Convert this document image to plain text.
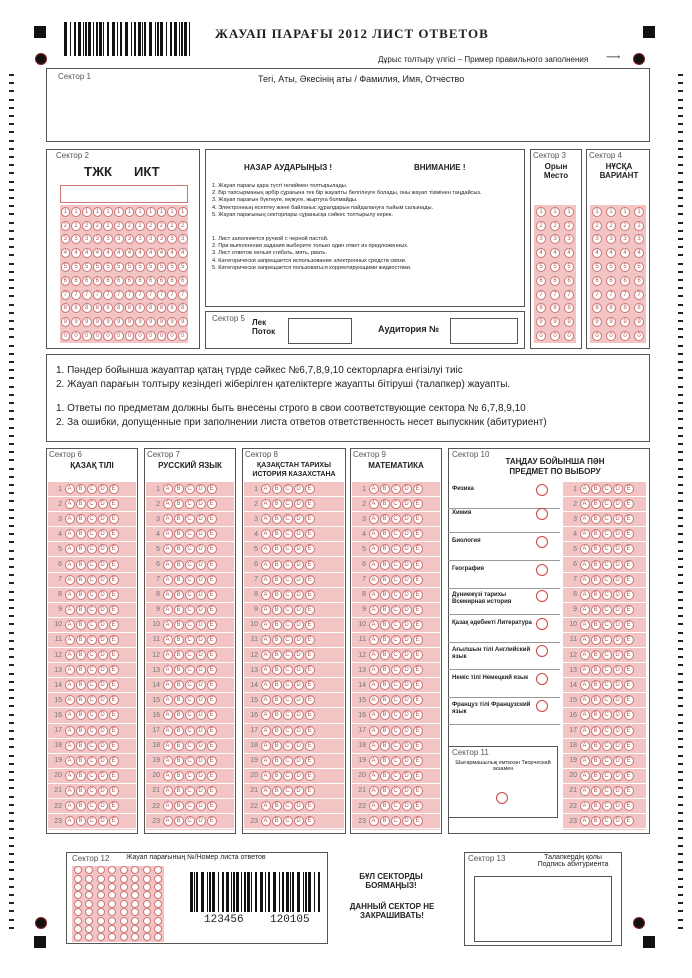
ЖАУАП ПАРАҒЫ 2012 ЛИСТ ОТВЕТОВ
Дұрыс толтыру үлгісі – Пример правильного заполнения ⟶
Сектор 1	Тегі, Аты, Әкесінің аты / Фамилия, Имя, Отчество
Сектор 2
ТЖК ИКТ
1	1	1	1	1	1	1	1	1	1	1	1
2	2	2	2	2	2	2	2	2	2	2	2
3	3	3	3	3	3	3	3	3	3	3	3
4	4	4	4	4	4	4	4	4	4	4	4
5	5	5	5	5	5	5	5	5	5	5	5
6	6	6	6	6	6	6	6	6	6	6	6
7	7	7	7	7	7	7	7	7	7	7	7
8	8	8	8	8	8	8	8	8	8	8	8
9	9	9	9	9	9	9	9	9	9	9	9
0	0	0	0	0	0	0	0	0	0	0	0
НАЗАР АУДАРЫҢЫЗ !	ВНИМАНИЕ !
1. Жауап парағы қара түсті гелиймен толтырылады.
2. Бір тапсырманың әрбір сұрағына тек бір жауапты белгілеуге болады, оны жауап тізімінен таңдайсыз.
3. Жауап парағын бүктеуге, мүжуге, жыртуға болмайды.
4. Электронның есептеу және байланыс құралдарын пайдалануға тыйым салынады.
5. Жауап парағының секторлары сұранысқа сәйкес толтырылу керек.
1. Лист заполняется ручкой с черной пастой.
2. При выполнении задания выберите только один ответ из предложенных.
3. Лист ответов нельзя сгибать, мять, рвать.
4. Категорически запрещается использование электронных средств связи.
5. Категорически запрещается пользоваться корректирующими жидкостями.
Сектор 3
Орын Место
1	1	1
2	2	2
3	3	3
4	4	4
5	5	5
6	6	6
7	7	7
8	8	8
9	9	9
0	0	0
Сектор 4
НҰСҚА ВАРИАНТ
1	1	1	1
2	2	2	2
3	3	3	3
4	4	4	4
5	5	5	5
6	6	6	6
7	7	7	7
8	8	8	8
9	9	9	9
0	0	0	0
Сектор 5 Лек Поток	Аудитория №
1. Пәндер бойынша жауаптар қатаң түрде сәйкес №6,7,8,9,10 секторларға енгізілуі тиіс
2. Жауап парағын толтыру кезіндегі жіберілген қателіктерге жауапты бітіруші (талапкер) жауапты.
1. Ответы по предметам должны быть внесены строго в свои соответствующие сектора № 6,7,8,9,10
2. За ошибки, допущенные при заполнении листа ответов ответственность несет выпускник (абитуриент)
Сектор 6
ҚАЗАҚ ТІЛІ
1 A	B	C	D	E
2 A	B	C	D	E
3 A	B	C	D	E
4 A	B	C	D	E
5 A	B	C	D	E
6 A	B	C	D	E
7 A	B	C	D	E
8 A	B	C	D	E
9 A	B	C	D	E
10 A	B	C	D	E
11 A	B	C	D	E
12 A	B	C	D	E
13 A	B	C	D	E
14 A	B	C	D	E
15 A	B	C	D	E
16 A	B	C	D	E
17 A	B	C	D	E
18 A	B	C	D	E
19 A	B	C	D	E
20 A	B	C	D	E
21 A	B	C	D	E
22 A	B	C	D	E
23 A	B	C	D	E
Сектор 7
РУССКИЙ ЯЗЫК
1 A	B	C	D	E
2 A	B	C	D	E
3 A	B	C	D	E
4 A	B	C	D	E
5 A	B	C	D	E
6 A	B	C	D	E
7 A	B	C	D	E
8 A	B	C	D	E
9 A	B	C	D	E
10 A	B	C	D	E
11 A	B	C	D	E
12 A	B	C	D	E
13 A	B	C	D	E
14 A	B	C	D	E
15 A	B	C	D	E
16 A	B	C	D	E
17 A	B	C	D	E
18 A	B	C	D	E
19 A	B	C	D	E
20 A	B	C	D	E
21 A	B	C	D	E
22 A	B	C	D	E
23 A	B	C	D	E
Сектор 8
ҚАЗАҚСТАН ТАРИХЫ ИСТОРИЯ КАЗАХСТАНА
1 A	B	C	D	E
2 A	B	C	D	E
3 A	B	C	D	E
4 A	B	C	D	E
5 A	B	C	D	E
6 A	B	C	D	E
7 A	B	C	D	E
8 A	B	C	D	E
9 A	B	C	D	E
10 A	B	C	D	E
11 A	B	C	D	E
12 A	B	C	D	E
13 A	B	C	D	E
14 A	B	C	D	E
15 A	B	C	D	E
16 A	B	C	D	E
17 A	B	C	D	E
18 A	B	C	D	E
19 A	B	C	D	E
20 A	B	C	D	E
21 A	B	C	D	E
22 A	B	C	D	E
23 A	B	C	D	E
Сектор 9
МАТЕМАТИКА
1 A	B	C	D	E
2 A	B	C	D	E
3 A	B	C	D	E
4 A	B	C	D	E
5 A	B	C	D	E
6 A	B	C	D	E
7 A	B	C	D	E
8 A	B	C	D	E
9 A	B	C	D	E
10 A	B	C	D	E
11 A	B	C	D	E
12 A	B	C	D	E
13 A	B	C	D	E
14 A	B	C	D	E
15 A	B	C	D	E
16 A	B	C	D	E
17 A	B	C	D	E
18 A	B	C	D	E
19 A	B	C	D	E
20 A	B	C	D	E
21 A	B	C	D	E
22 A	B	C	D	E
23 A	B	C	D	E
Сектор 10
ТАҢДАУ БОЙЫНША ПӘН ПРЕДМЕТ ПО ВЫБОРУ
Физика
Химия
Биология
География
Дүниежүзі тарихы Всемирная история
Қазақ әдебиеті Литература
Ағылшын тілі Английский язык
Неміс тілі Немецкий язык
Француз тілі Французский язык
1 A	B	C	D	E
2 A	B	C	D	E
3 A	B	C	D	E
4 A	B	C	D	E
5 A	B	C	D	E
6 A	B	C	D	E
7 A	B	C	D	E
8 A	B	C	D	E
9 A	B	C	D	E
10 A	B	C	D	E
11 A	B	C	D	E
12 A	B	C	D	E
13 A	B	C	D	E
14 A	B	C	D	E
15 A	B	C	D	E
16 A	B	C	D	E
17 A	B	C	D	E
18 A	B	C	D	E
19 A	B	C	D	E
20 A	B	C	D	E
21 A	B	C	D	E
22 A	B	C	D	E
23 A	B	C	D	E
Сектор 11
Шығармашылық емтихан Творческий экзамен
Сектор 12 Жауап парағының №/Номер листа ответов
123456 120105
БҰЛ СЕКТОРДЫ БОЯМАҢЫЗ!
ДАННЫЙ СЕКТОР НЕ ЗАКРАШИВАТЬ!
Сектор 13	Талапкердің қолы Подпись абитуриента
